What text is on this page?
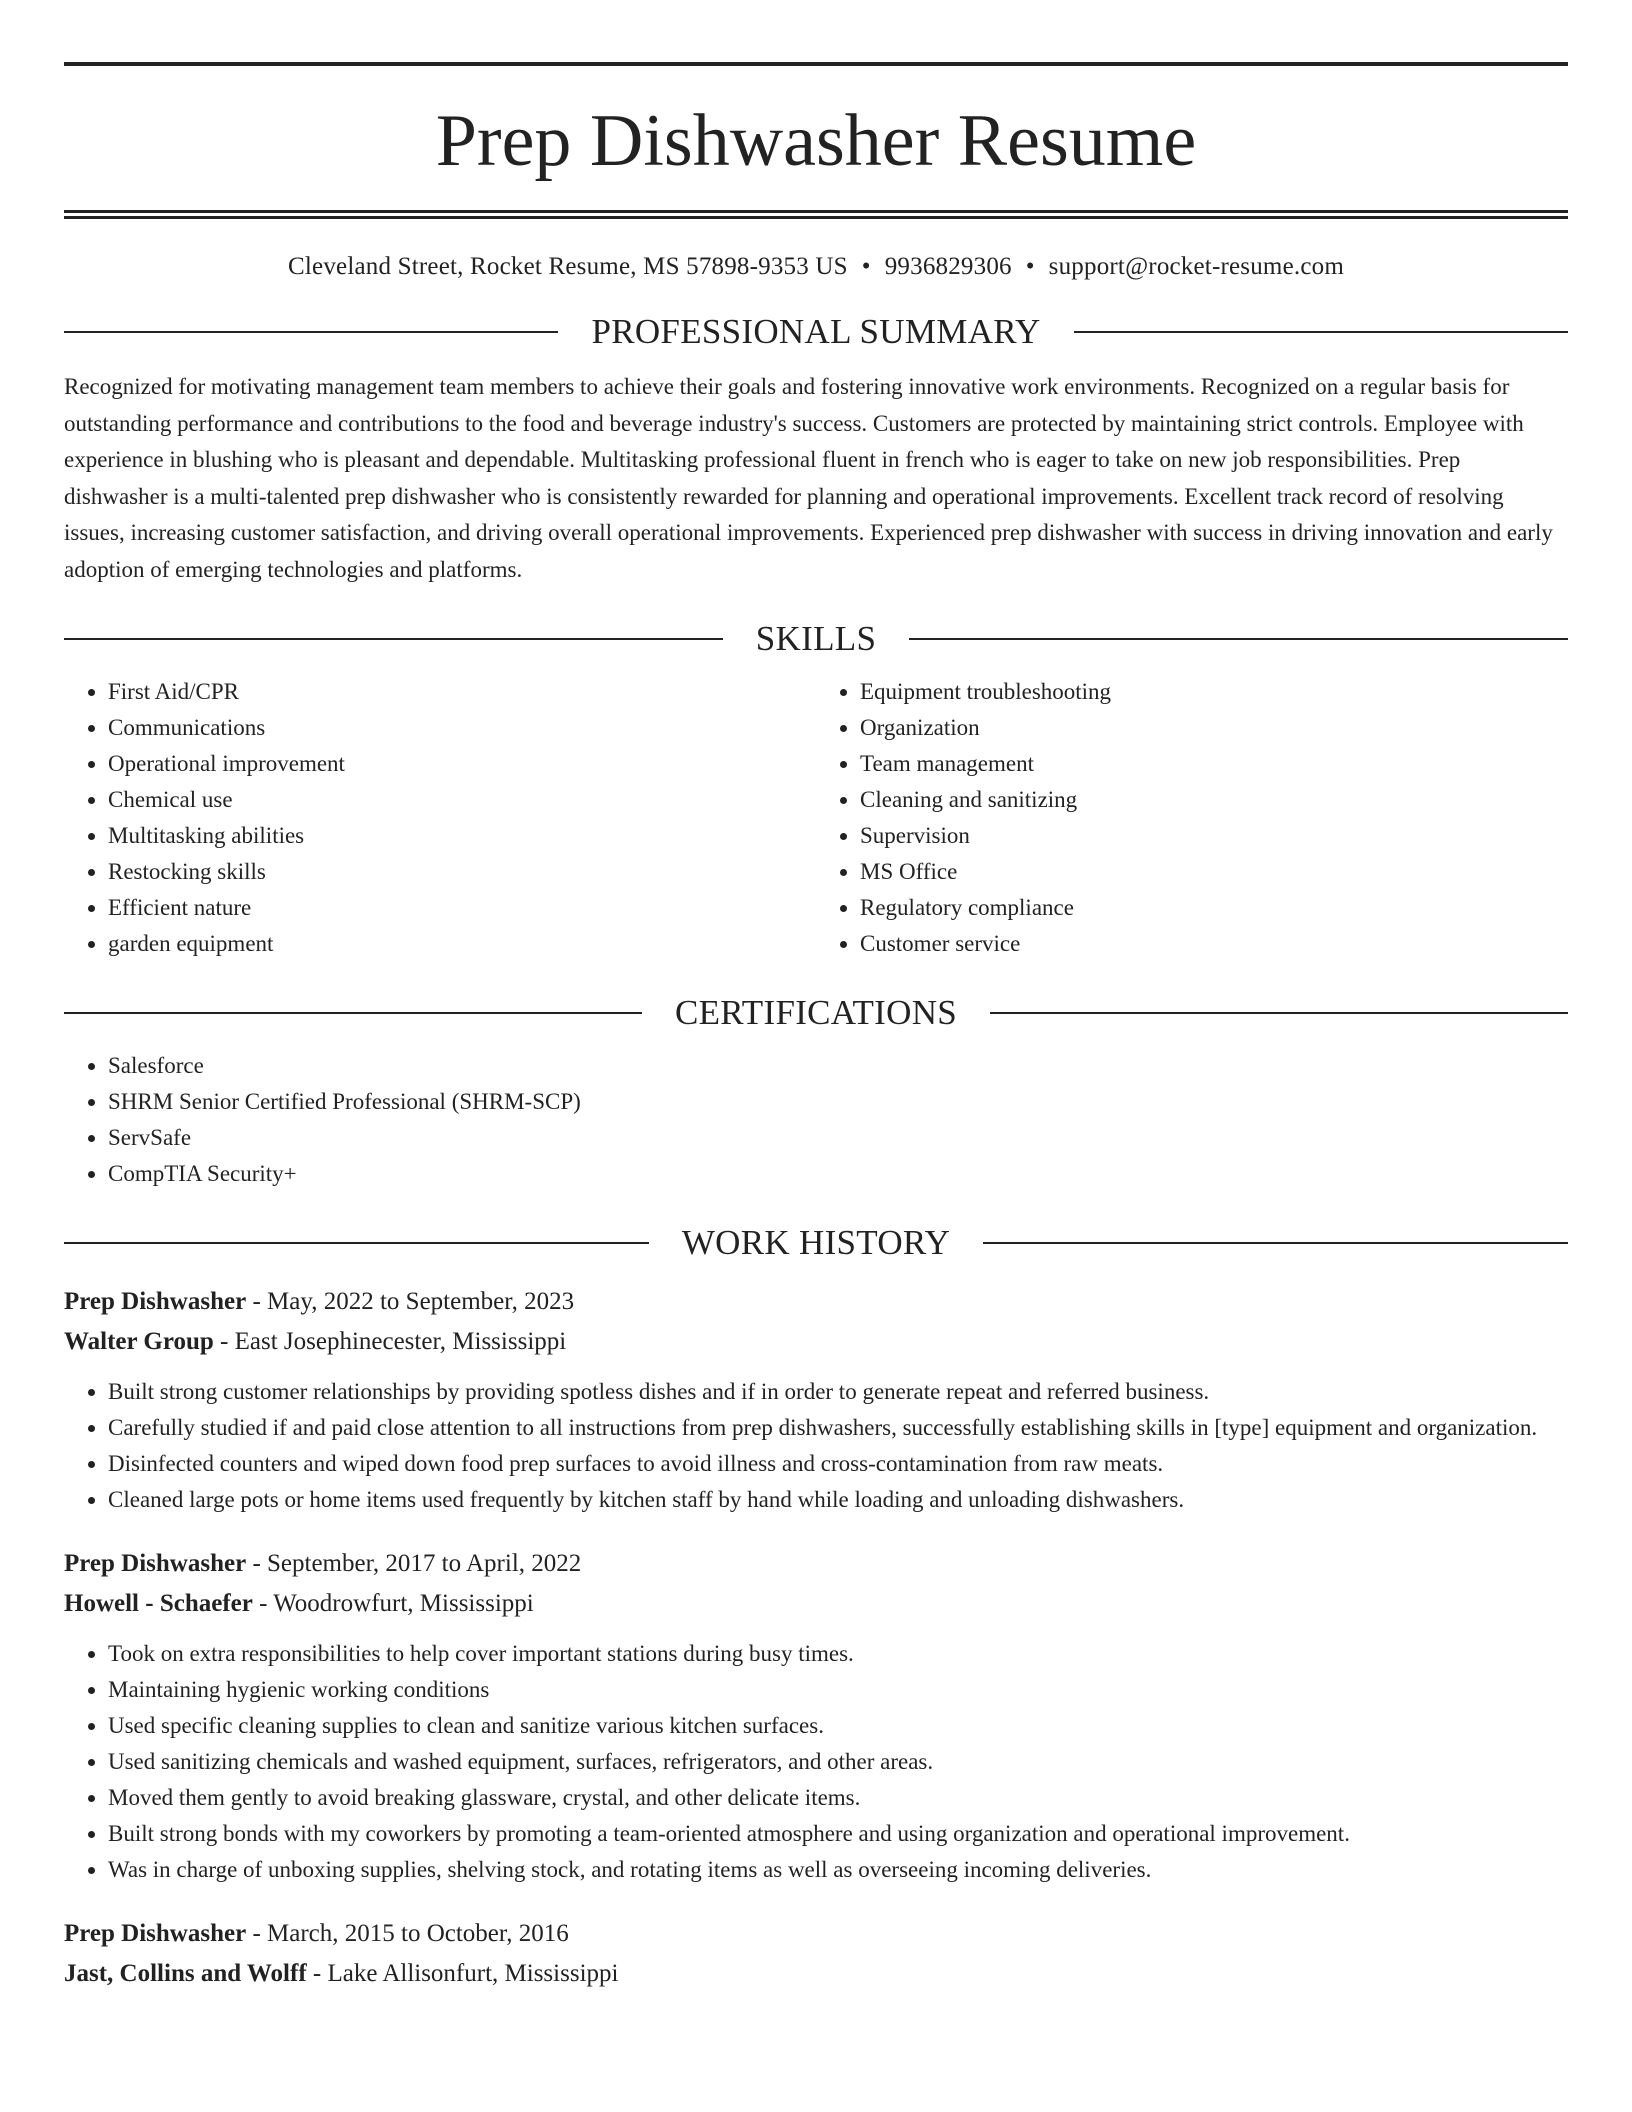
Prep Dishwasher Resume
Cleveland Street, Rocket Resume, MS 57898-9353 US • 9936829306 • support@rocket-resume.com
PROFESSIONAL SUMMARY
Recognized for motivating management team members to achieve their goals and fostering innovative work environments. Recognized on a regular basis for outstanding performance and contributions to the food and beverage industry's success. Customers are protected by maintaining strict controls. Employee with experience in blushing who is pleasant and dependable. Multitasking professional fluent in french who is eager to take on new job responsibilities. Prep dishwasher is a multi-talented prep dishwasher who is consistently rewarded for planning and operational improvements. Excellent track record of resolving issues, increasing customer satisfaction, and driving overall operational improvements. Experienced prep dishwasher with success in driving innovation and early adoption of emerging technologies and platforms.
SKILLS
• First Aid/CPR
• Communications
• Operational improvement
• Chemical use
• Multitasking abilities
• Restocking skills
• Efficient nature
• garden equipment
• Equipment troubleshooting
• Organization
• Team management
• Cleaning and sanitizing
• Supervision
• MS Office
• Regulatory compliance
• Customer service
CERTIFICATIONS
• Salesforce
• SHRM Senior Certified Professional (SHRM-SCP)
• ServSafe
• CompTIA Security+
WORK HISTORY
Prep Dishwasher - May, 2022 to September, 2023
Walter Group - East Josephinecester, Mississippi
• Built strong customer relationships by providing spotless dishes and if in order to generate repeat and referred business.
• Carefully studied if and paid close attention to all instructions from prep dishwashers, successfully establishing skills in [type] equipment and organization.
• Disinfected counters and wiped down food prep surfaces to avoid illness and cross-contamination from raw meats.
• Cleaned large pots or home items used frequently by kitchen staff by hand while loading and unloading dishwashers.
Prep Dishwasher - September, 2017 to April, 2022
Howell - Schaefer - Woodrowfurt, Mississippi
• Took on extra responsibilities to help cover important stations during busy times.
• Maintaining hygienic working conditions
• Used specific cleaning supplies to clean and sanitize various kitchen surfaces.
• Used sanitizing chemicals and washed equipment, surfaces, refrigerators, and other areas.
• Moved them gently to avoid breaking glassware, crystal, and other delicate items.
• Built strong bonds with my coworkers by promoting a team-oriented atmosphere and using organization and operational improvement.
• Was in charge of unboxing supplies, shelving stock, and rotating items as well as overseeing incoming deliveries.
Prep Dishwasher - March, 2015 to October, 2016
Jast, Collins and Wolff - Lake Allisonfurt, Mississippi
